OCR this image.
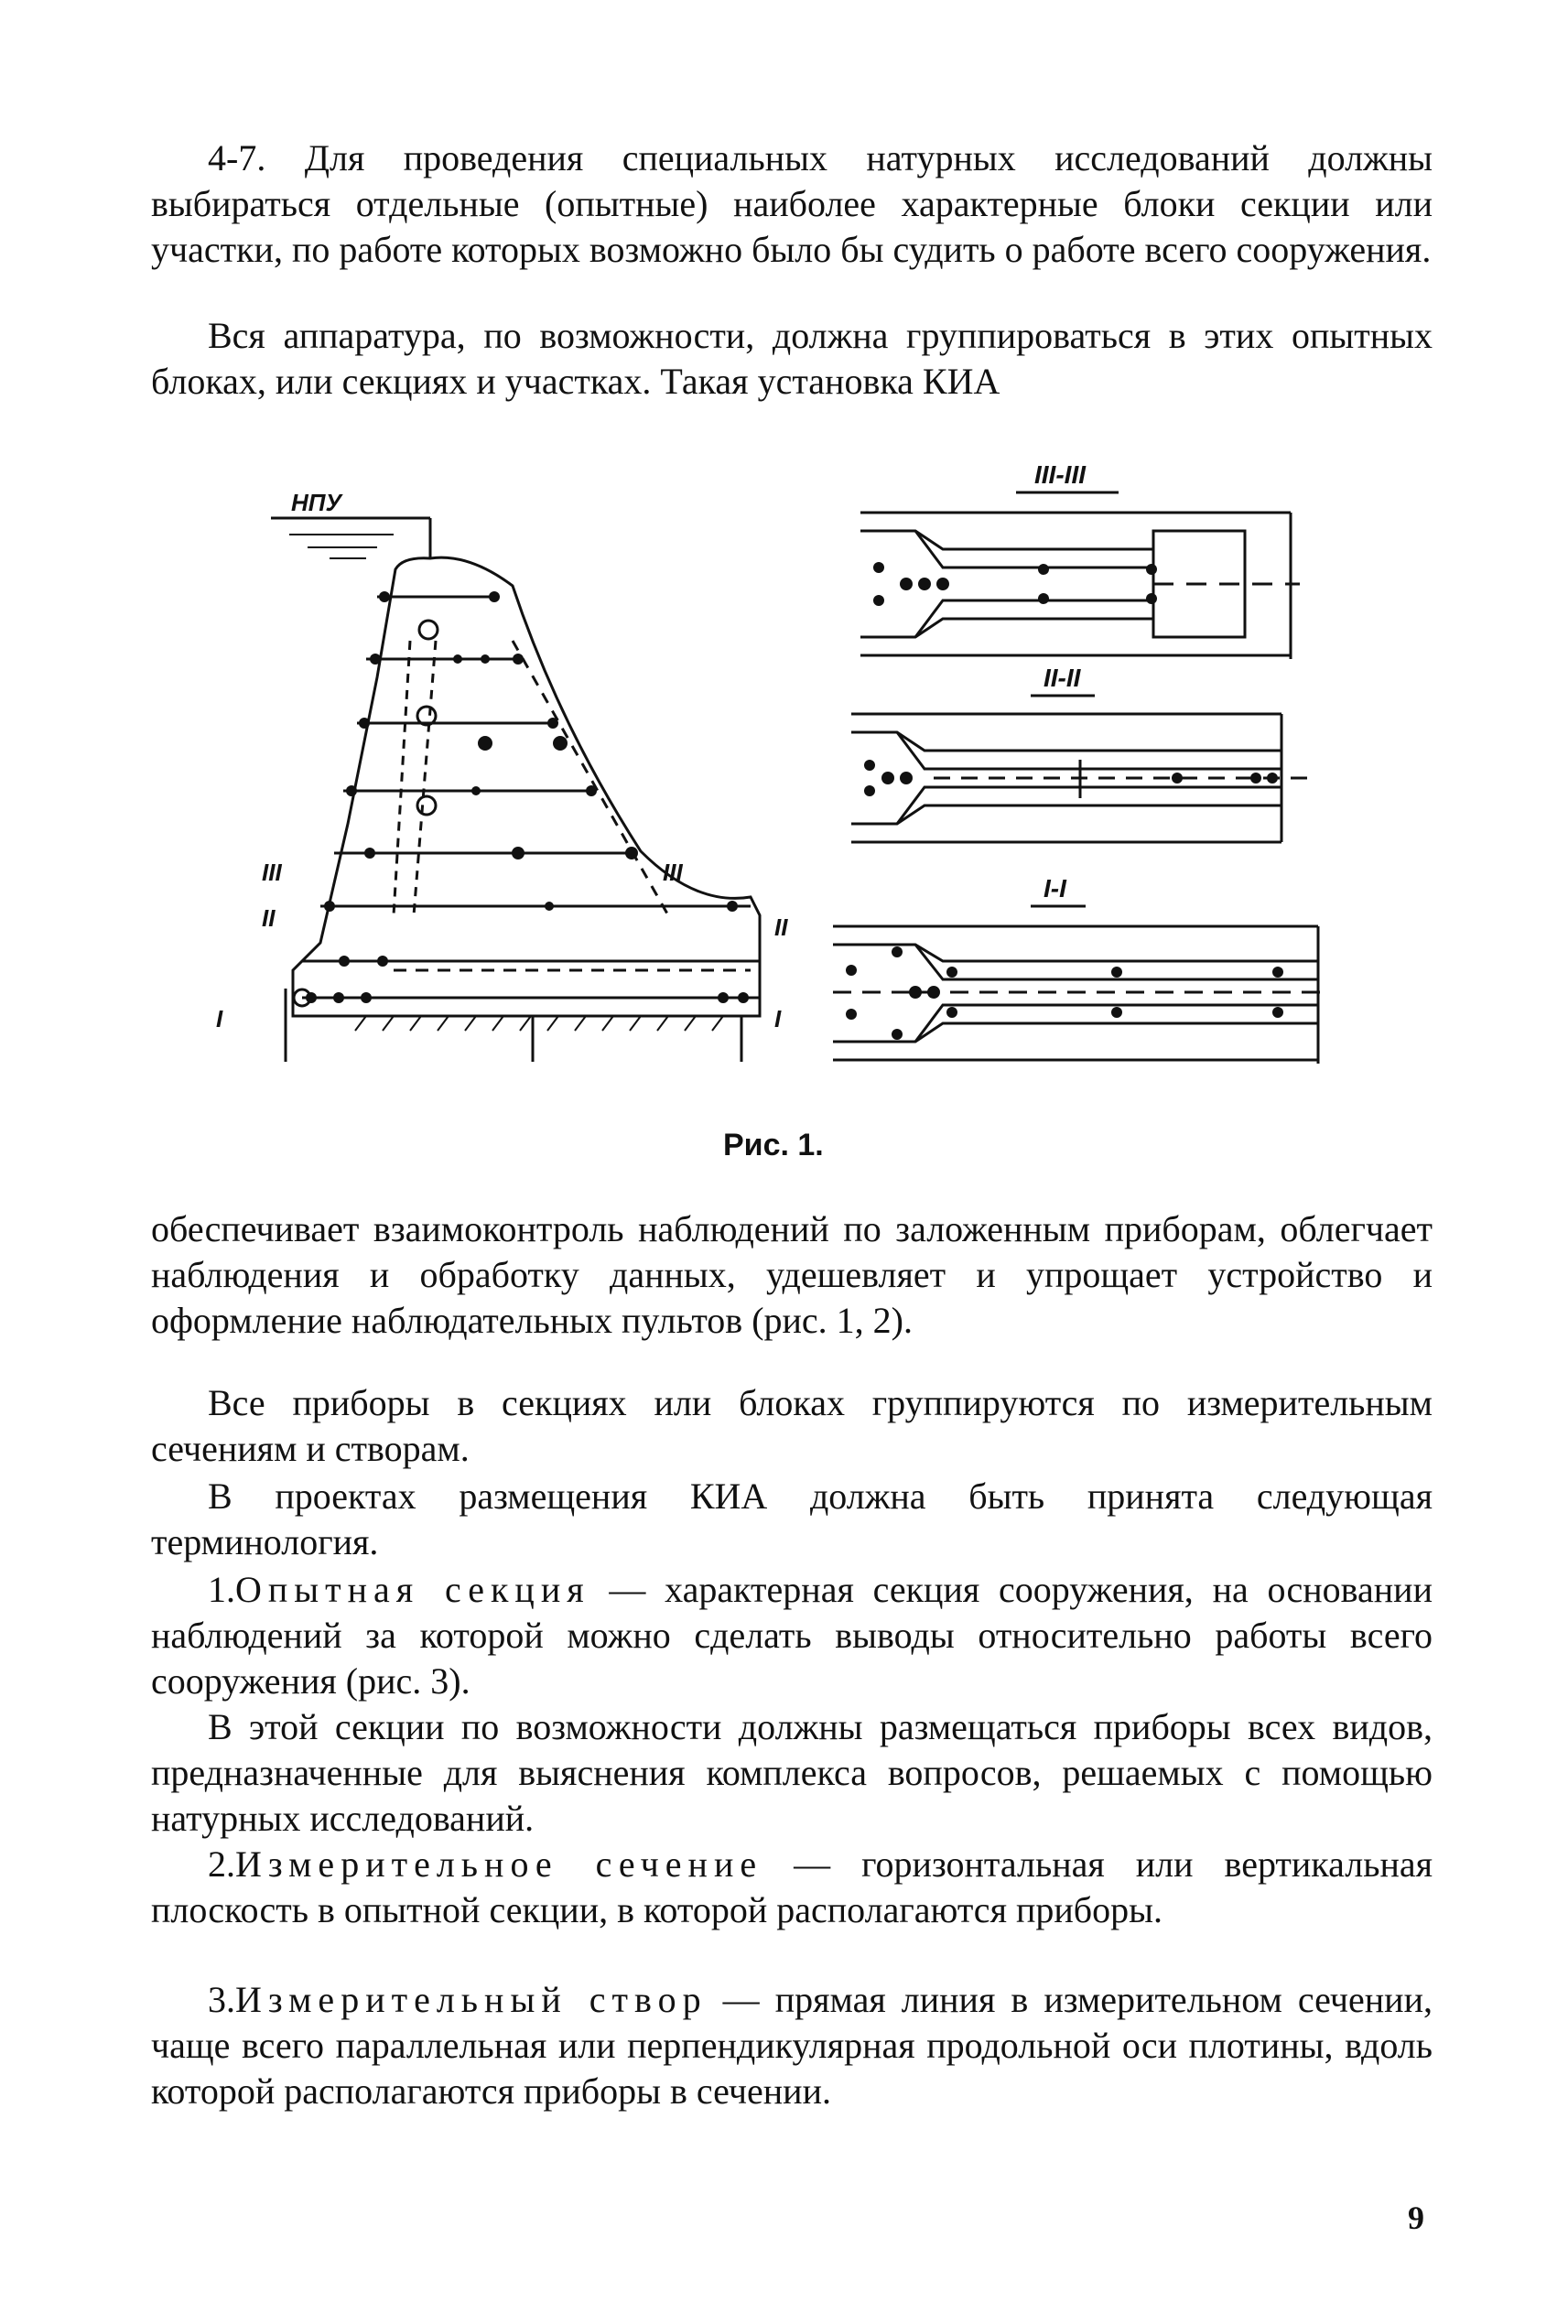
4-7. Для проведения специальных натурных исследований должны выбираться отдельные (опытные) наиболее характерные блоки секции или участки, по работе которых возможно было бы судить о работе всего сооружения.

Вся аппаратура, по возможности, должна группироваться в этих опытных блоках, или секциях и участках. Такая установка КИА

НПУ
III
II
I
III
II
I
III-III
II-II
I-I
Рис. 1.

обеспечивает взаимоконтроль наблюдений по заложенным приборам, облегчает наблюдения и обработку данных, удешевляет и упрощает устройство и оформление наблюдательных пультов (рис. 1, 2).

Все приборы в секциях или блоках группируются по измерительным сечениям и створам.

В проектах размещения КИА должна быть принята следующая терминология.

1.Опытная секция — характерная секция сооружения, на основании наблюдений за которой можно сделать выводы относительно работы всего сооружения (рис. 3).

В этой секции по возможности должны размещаться приборы всех видов, предназначенные для выяснения комплекса вопросов, решаемых с помощью натурных исследований.

2.Измерительное сечение — горизонтальная или вертикальная плоскость в опытной секции, в которой располагаются приборы.

3.Измерительный створ — прямая линия в измерительном сечении, чаще всего параллельная или перпендикулярная продольной оси плотины, вдоль которой располагаются приборы в сечении.

9
